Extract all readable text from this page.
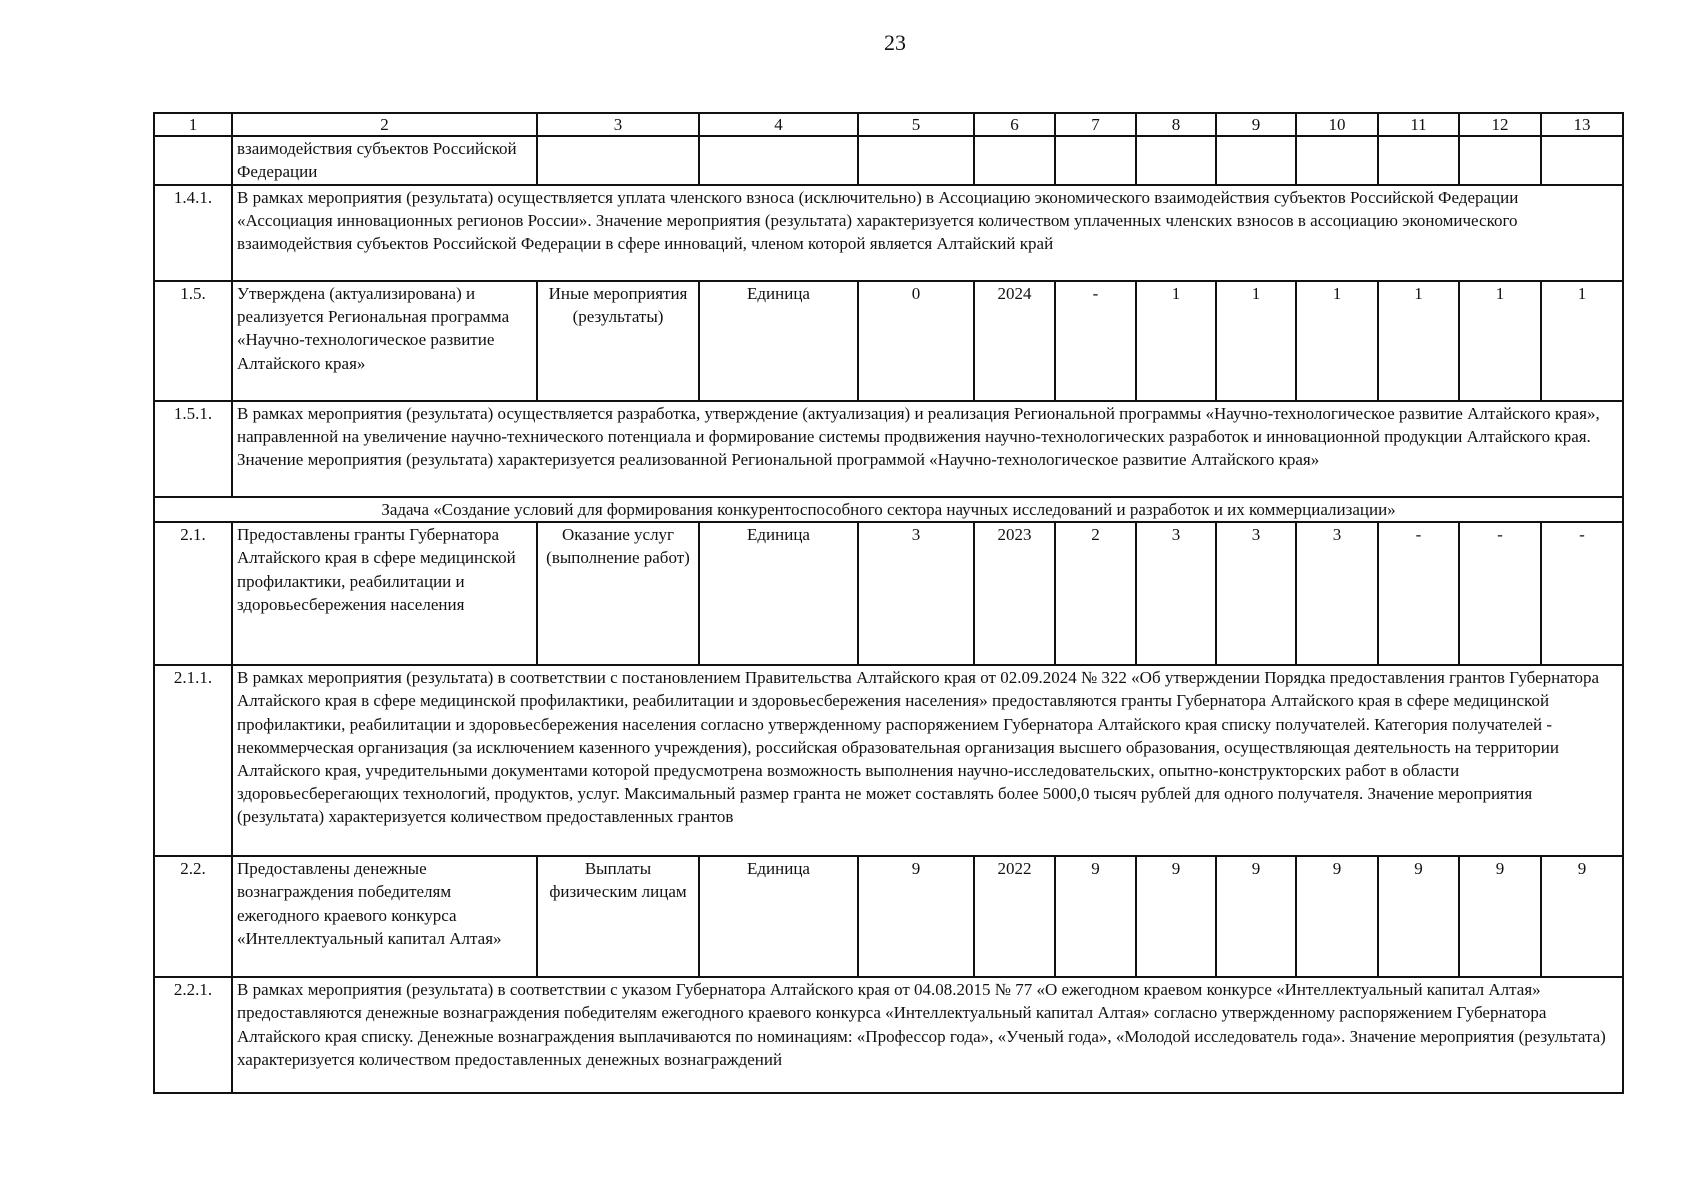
23
1	2	3	4	5	6	7	8	9	10	11	12	13
	взаимодействия субъектов Российской Федерации											
1.4.1.	В рамках мероприятия (результата) осуществляется уплата членского взноса (исключительно) в Ассоциацию экономического взаимодействия субъектов Российской Федерации «Ассоциация инновационных регионов России». Значение мероприятия (результата) характеризуется количеством уплаченных членских взносов в ассоциацию экономического взаимодействия субъектов Российской Федерации в сфере инноваций, членом которой является Алтайский край											
1.5.	Утверждена (актуализирована) и реализуется Региональная программа «Научно-технологическое развитие Алтайского края»	Иные мероприятия (результаты)	Единица	0	2024	-	1	1	1	1	1	1
1.5.1.	В рамках мероприятия (результата) осуществляется разработка, утверждение (актуализация) и реализация Региональной программы «Научно-технологическое развитие Алтайского края», направленной на увеличение научно-технического потенциала и формирование системы продвижения научно-технологических разработок и инновационной продукции Алтайского края. Значение мероприятия (результата) характеризуется реализованной Региональной программой «Научно-технологическое развитие Алтайского края»											
Задача «Создание условий для формирования конкурентоспособного сектора научных исследований и разработок и их коммерциализации»												
2.1.	Предоставлены гранты Губернатора Алтайского края в сфере медицинской профилактики, реабилитации и здоровьесбережения населения	Оказание услуг (выполнение работ)	Единица	3	2023	2	3	3	3	-	-	-
2.1.1.	В рамках мероприятия (результата) в соответствии с постановлением Правительства Алтайского края от 02.09.2024 № 322 «Об утверждении Порядка предоставления грантов Губернатора Алтайского края в сфере медицинской профилактики, реабилитации и здоровьесбережения населения» предоставляются гранты Губернатора Алтайского края в сфере медицинской профилактики, реабилитации и здоровьесбережения населения согласно утвержденному распоряжением Губернатора Алтайского края списку получателей. Категория получателей - некоммерческая организация (за исключением казенного учреждения), российская образовательная организация высшего образования, осуществляющая деятельность на территории Алтайского края, учредительными документами которой предусмотрена возможность выполнения научно-исследовательских, опытно-конструкторских работ в области здоровьесберегающих технологий, продуктов, услуг. Максимальный размер гранта не может составлять более 5000,0 тысяч рублей для одного получателя. Значение мероприятия (результата) характеризуется количеством предоставленных грантов											
2.2.	Предоставлены денежные вознаграждения победителям ежегодного краевого конкурса «Интеллектуальный капитал Алтая»	Выплаты физическим лицам	Единица	9	2022	9	9	9	9	9	9	9
2.2.1.	В рамках мероприятия (результата) в соответствии с указом Губернатора Алтайского края от 04.08.2015 № 77 «О ежегодном краевом конкурсе «Интеллектуальный капитал Алтая» предоставляются денежные вознаграждения победителям ежегодного краевого конкурса «Интеллектуальный капитал Алтая» согласно утвержденному распоряжением Губернатора Алтайского края списку. Денежные вознаграждения выплачиваются по номинациям: «Профессор года», «Ученый года», «Молодой исследователь года». Значение мероприятия (результата) характеризуется количеством предоставленных денежных вознаграждений											
